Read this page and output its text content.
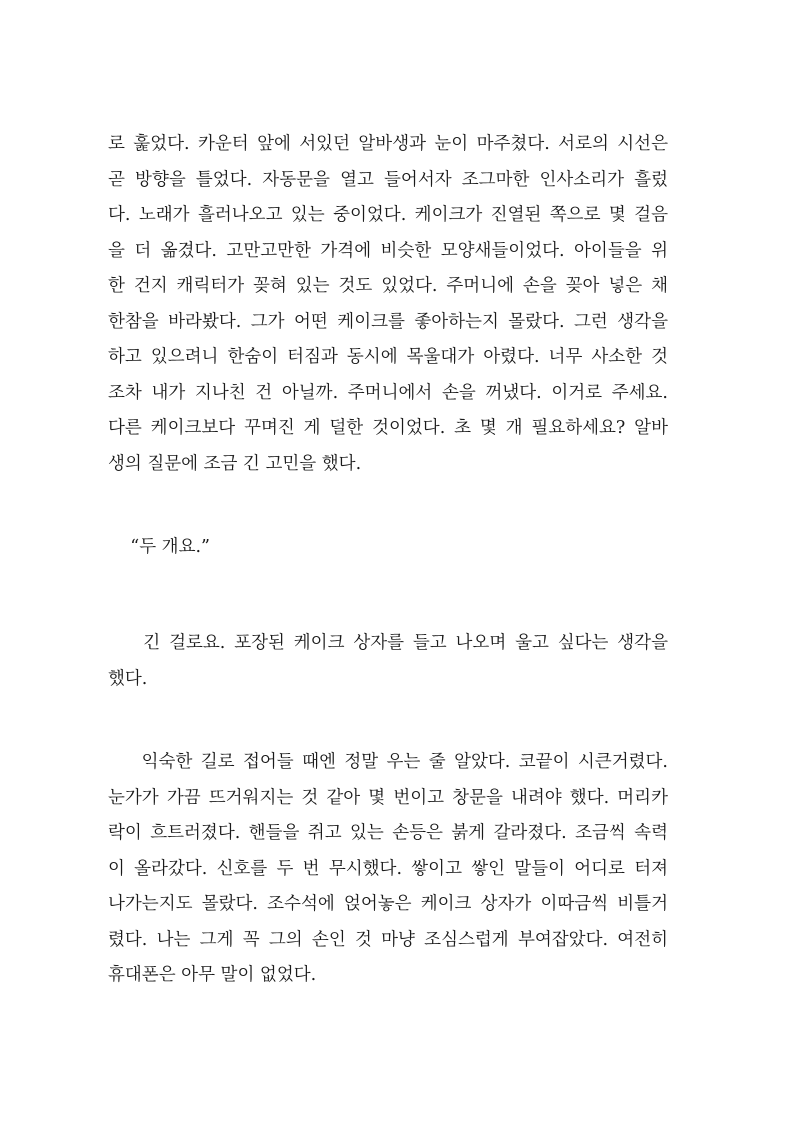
로 훑었다. 카운터 앞에 서있던 알바생과 눈이 마주쳤다. 서로의 시선은
곧 방향을 틀었다. 자동문을 열고 들어서자 조그마한 인사소리가 흘렀
다. 노래가 흘러나오고 있는 중이었다. 케이크가 진열된 쪽으로 몇 걸음
을 더 옮겼다. 고만고만한 가격에 비슷한 모양새들이었다. 아이들을 위
한 건지 캐릭터가 꽂혀 있는 것도 있었다. 주머니에 손을 꽂아 넣은 채
한참을 바라봤다. 그가 어떤 케이크를 좋아하는지 몰랐다. 그런 생각을
하고 있으려니 한숨이 터짐과 동시에 목울대가 아렸다. 너무 사소한 것
조차 내가 지나친 건 아닐까. 주머니에서 손을 꺼냈다. 이거로 주세요.
다른 케이크보다 꾸며진 게 덜한 것이었다. 초 몇 개 필요하세요? 알바
생의 질문에 조금 긴 고민을 했다.
“두 개요.”
긴 걸로요. 포장된 케이크 상자를 들고 나오며 울고 싶다는 생각을
했다.
익숙한 길로 접어들 때엔 정말 우는 줄 알았다. 코끝이 시큰거렸다.
눈가가 가끔 뜨거워지는 것 같아 몇 번이고 창문을 내려야 했다. 머리카
락이 흐트러졌다. 핸들을 쥐고 있는 손등은 붉게 갈라졌다. 조금씩 속력
이 올라갔다. 신호를 두 번 무시했다. 쌓이고 쌓인 말들이 어디로 터져
나가는지도 몰랐다. 조수석에 얹어놓은 케이크 상자가 이따금씩 비틀거
렸다. 나는 그게 꼭 그의 손인 것 마냥 조심스럽게 부여잡았다. 여전히
휴대폰은 아무 말이 없었다.
